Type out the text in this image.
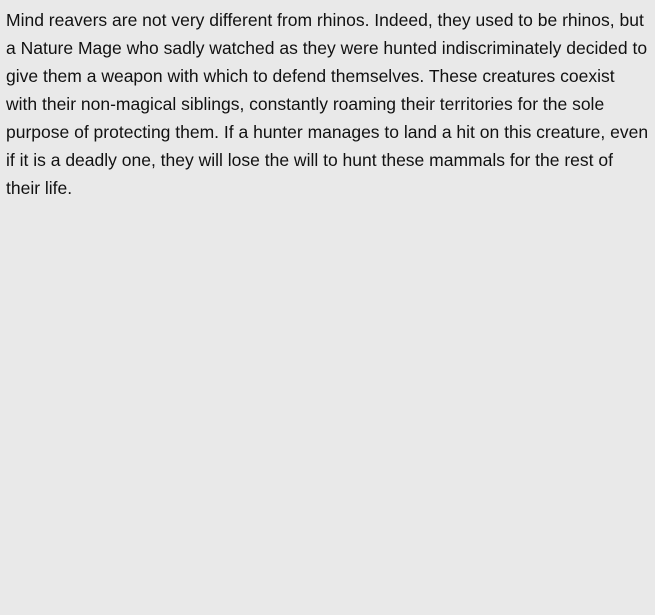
Mind reavers are not very different from rhinos. Indeed, they used to be rhinos, but a Nature Mage who sadly watched as they were hunted indiscriminately decided to give them a weapon with which to defend themselves. These creatures coexist with their non-magical siblings, constantly roaming their territories for the sole purpose of protecting them. If a hunter manages to land a hit on this creature, even if it is a deadly one, they will lose the will to hunt these mammals for the rest of their life.
